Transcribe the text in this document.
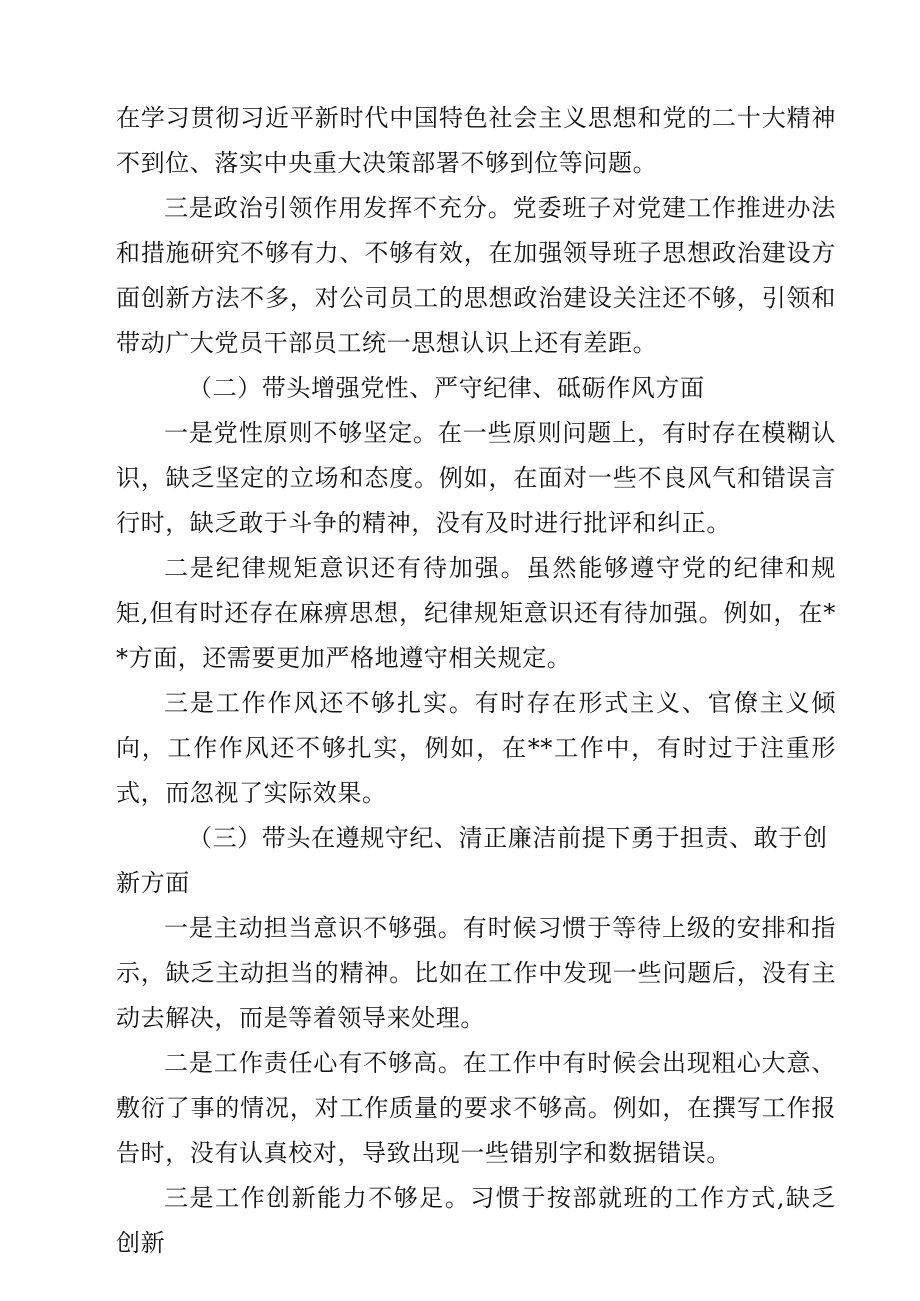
在学习贯彻习近平新时代中国特色社会主义思想和党的二十大精神不到位、落实中央重大决策部署不够到位等问题。
三是政治引领作用发挥不充分。党委班子对党建工作推进办法和措施研究不够有力、不够有效，在加强领导班子思想政治建设方面创新方法不多，对公司员工的思想政治建设关注还不够，引领和带动广大党员干部员工统一思想认识上还有差距。
（二）带头增强党性、严守纪律、砥砺作风方面
一是党性原则不够坚定。在一些原则问题上，有时存在模糊认识，缺乏坚定的立场和态度。例如，在面对一些不良风气和错误言行时，缺乏敢于斗争的精神，没有及时进行批评和纠正。
二是纪律规矩意识还有待加强。虽然能够遵守党的纪律和规矩,但有时还存在麻痹思想，纪律规矩意识还有待加强。例如，在**方面，还需要更加严格地遵守相关规定。
三是工作作风还不够扎实。有时存在形式主义、官僚主义倾向，工作作风还不够扎实，例如，在**工作中，有时过于注重形式，而忽视了实际效果。
（三）带头在遵规守纪、清正廉洁前提下勇于担责、敢于创新方面
一是主动担当意识不够强。有时候习惯于等待上级的安排和指示，缺乏主动担当的精神。比如在工作中发现一些问题后，没有主动去解决，而是等着领导来处理。
二是工作责任心有不够高。在工作中有时候会出现粗心大意、敷衍了事的情况，对工作质量的要求不够高。例如，在撰写工作报告时，没有认真校对，导致出现一些错别字和数据错误。
三是工作创新能力不够足。习惯于按部就班的工作方式,缺乏创新
